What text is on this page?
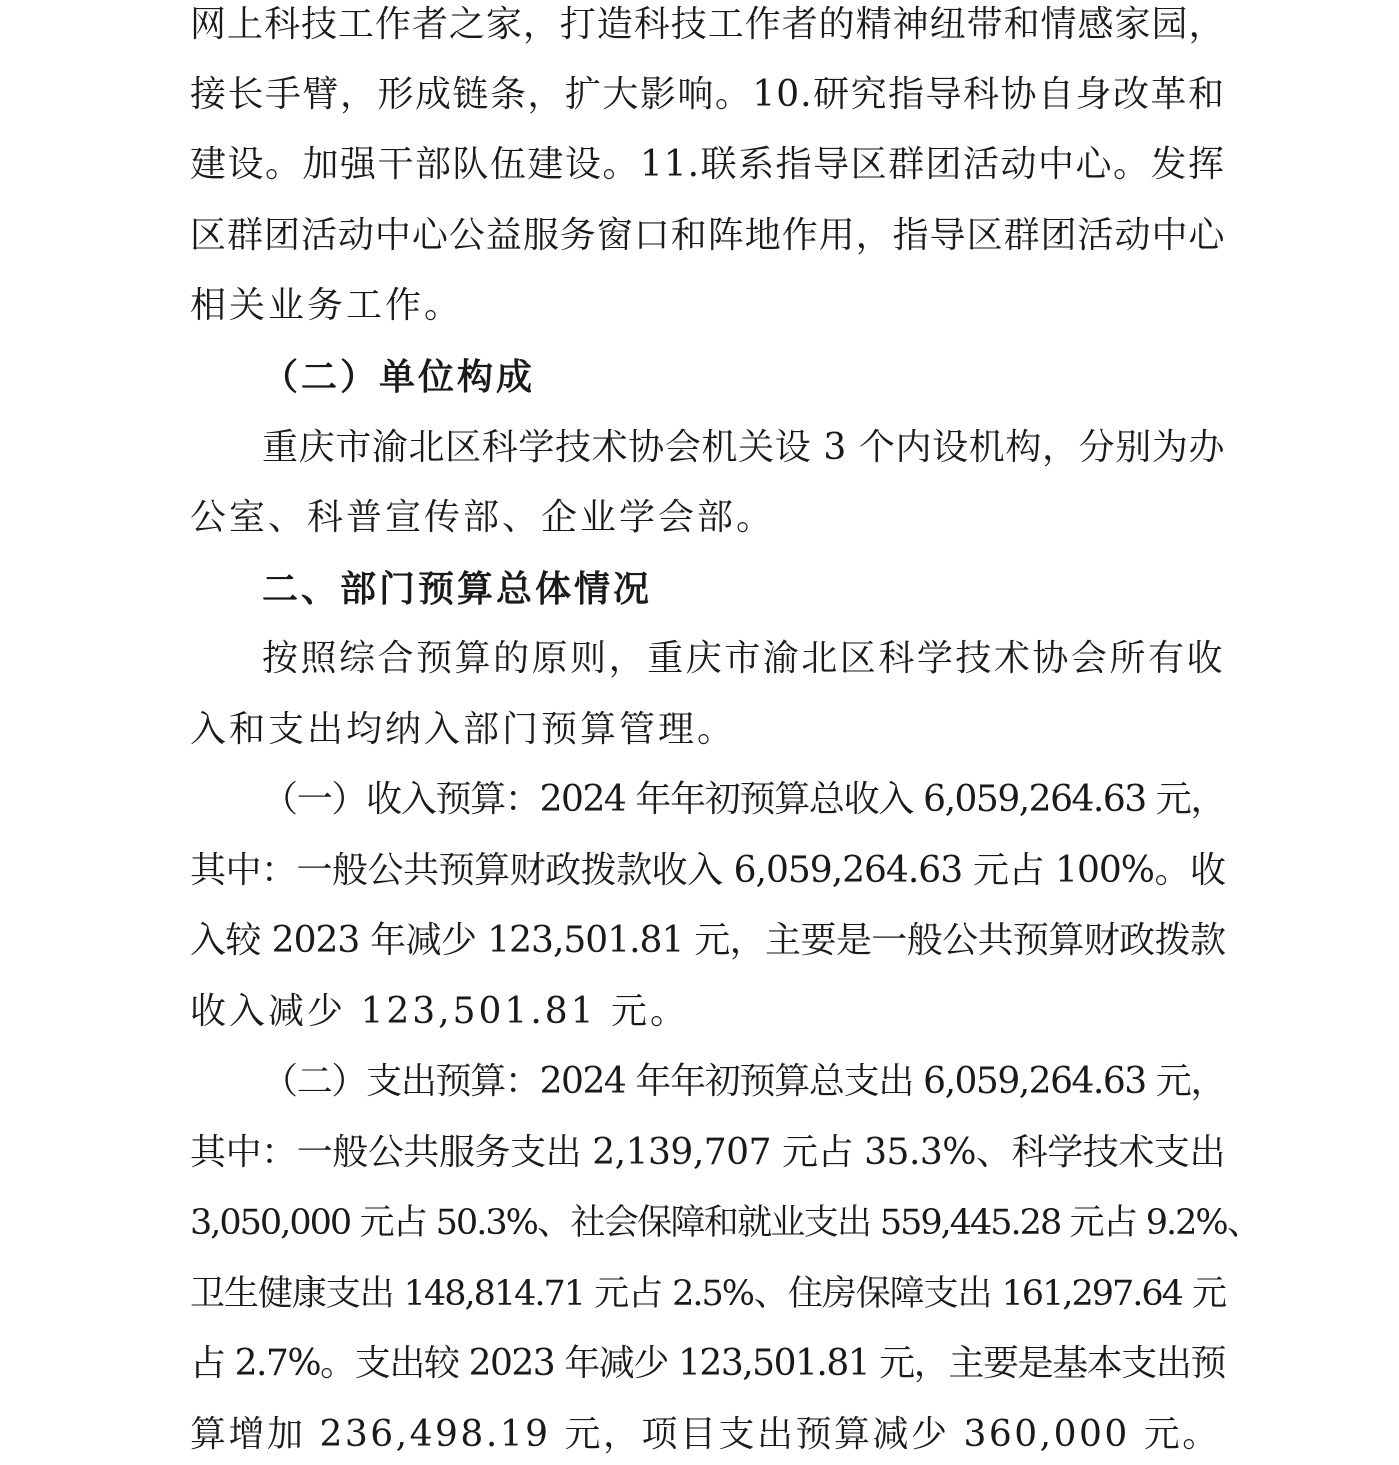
网上科技工作者之家，打造科技工作者的精神纽带和情感家园，
接长手臂，形成链条，扩大影响。10.研究指导科协自身改革和
建设。加强干部队伍建设。11.联系指导区群团活动中心。发挥
区群团活动中心公益服务窗口和阵地作用，指导区群团活动中心
相关业务工作。
（二）单位构成
重庆市渝北区科学技术协会机关设 3 个内设机构，分别为办
公室、科普宣传部、企业学会部。
二、部门预算总体情况
按照综合预算的原则，重庆市渝北区科学技术协会所有收
入和支出均纳入部门预算管理。
（一）收入预算：2024 年年初预算总收入 6,059,264.63 元，
其中：一般公共预算财政拨款收入 6,059,264.63 元占 100%。收
入较 2023 年减少 123,501.81 元，主要是一般公共预算财政拨款
收入减少 123,501.81 元。
（二）支出预算：2024 年年初预算总支出 6,059,264.63 元，
其中：一般公共服务支出 2,139,707 元占 35.3%、科学技术支出
3,050,000 元占 50.3%、社会保障和就业支出 559,445.28 元占 9.2%、
卫生健康支出 148,814.71 元占 2.5%、住房保障支出 161,297.64 元
占 2.7%。支出较 2023 年减少 123,501.81 元，主要是基本支出预
算增加 236,498.19 元，项目支出预算减少 360,000 元。
